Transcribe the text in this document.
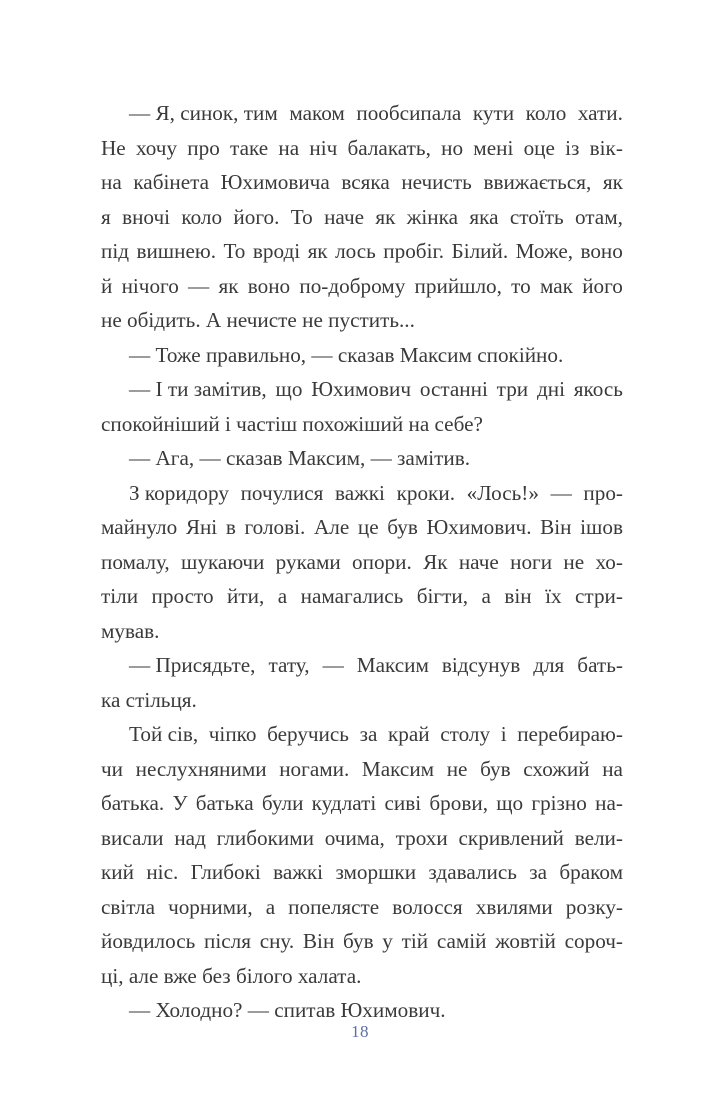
— Я, синок, тим маком пообсипала кути коло хати.
Не хочу про таке на ніч балакать, но мені оце із вік-
на кабінета Юхимовича всяка нечисть ввижається, як
я вночі коло його. То наче як жінка яка стоїть отам,
під вишнею. То вроді як лось пробіг. Білий. Може, воно
й нічого — як воно по-доброму прийшло, то мак його
не обідить. А нечисте не пустить...

— Тоже правильно, — сказав Максим спокійно.

— І ти замітив, що Юхимович останні три дні якось
спокойніший і частіш похожіший на себе?

— Ага, — сказав Максим, — замітив.

З коридору почулися важкі кроки. «Лось!» — про-
майнуло Яні в голові. Але це був Юхимович. Він ішов
помалу, шукаючи руками опори. Як наче ноги не хо-
тіли просто йти, а намагались бігти, а він їх стри-
мував.

— Присядьте, тату, — Максим відсунув для бать-
ка стільця.

Той сів, чіпко беручись за край столу і перебираю-
чи неслухняними ногами. Максим не був схожий на
батька. У батька були кудлаті сиві брови, що грізно на-
висали над глибокими очима, трохи скривлений вели-
кий ніс. Глибокі важкі зморшки здавались за браком
світла чорними, а попелясте волосся хвилями розку-
йовдилось після сну. Він був у тій самій жовтій сороч-
ці, але вже без білого халата.

— Холодно? — спитав Юхимович.

18
